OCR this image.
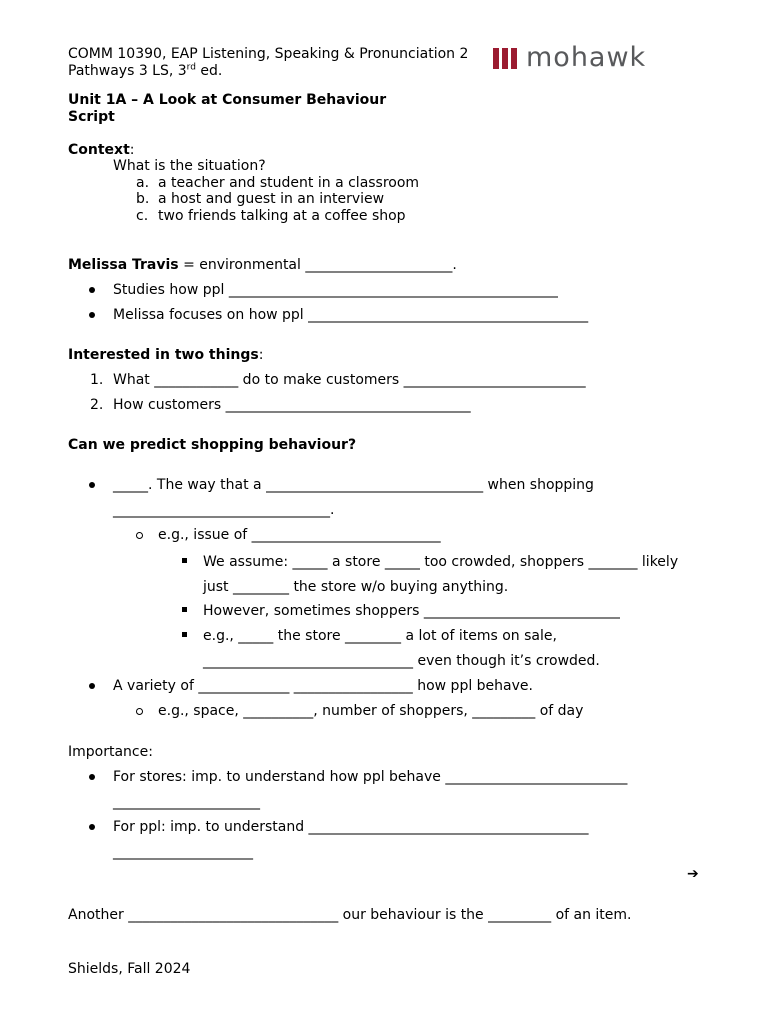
COMM 10390, EAP Listening, Speaking & Pronunciation 2
Pathways 3 LS, 3rd ed.	mohawk
Unit 1A – A Look at Consumer Behaviour
Script
Context:
What is the situation?
a. a teacher and student in a classroom
b. a host and guest in an interview
c. two friends talking at a coffee shop
Melissa Travis = environmental _____________________.
Studies how ppl _______________________________________________
Melissa focuses on how ppl ________________________________________
Interested in two things:
1. What ____________ do to make customers __________________________
2. How customers ___________________________________
Can we predict shopping behaviour?
_____. The way that a _______________________________ when shopping
_______________________________.
e.g., issue of ___________________________
We assume: _____ a store _____ too crowded, shoppers _______ likely
just ________ the store w/o buying anything.
However, sometimes shoppers ____________________________
e.g., _____ the store ________ a lot of items on sale,
______________________________ even though it’s crowded.
A variety of _____________ _________________ how ppl behave.
e.g., space, __________, number of shoppers, _________ of day
Importance:
For stores: imp. to understand how ppl behave __________________________
_____________________
For ppl: imp. to understand ________________________________________
____________________
➔
Another ______________________________ our behaviour is the _________ of an item.
Shields, Fall 2024
